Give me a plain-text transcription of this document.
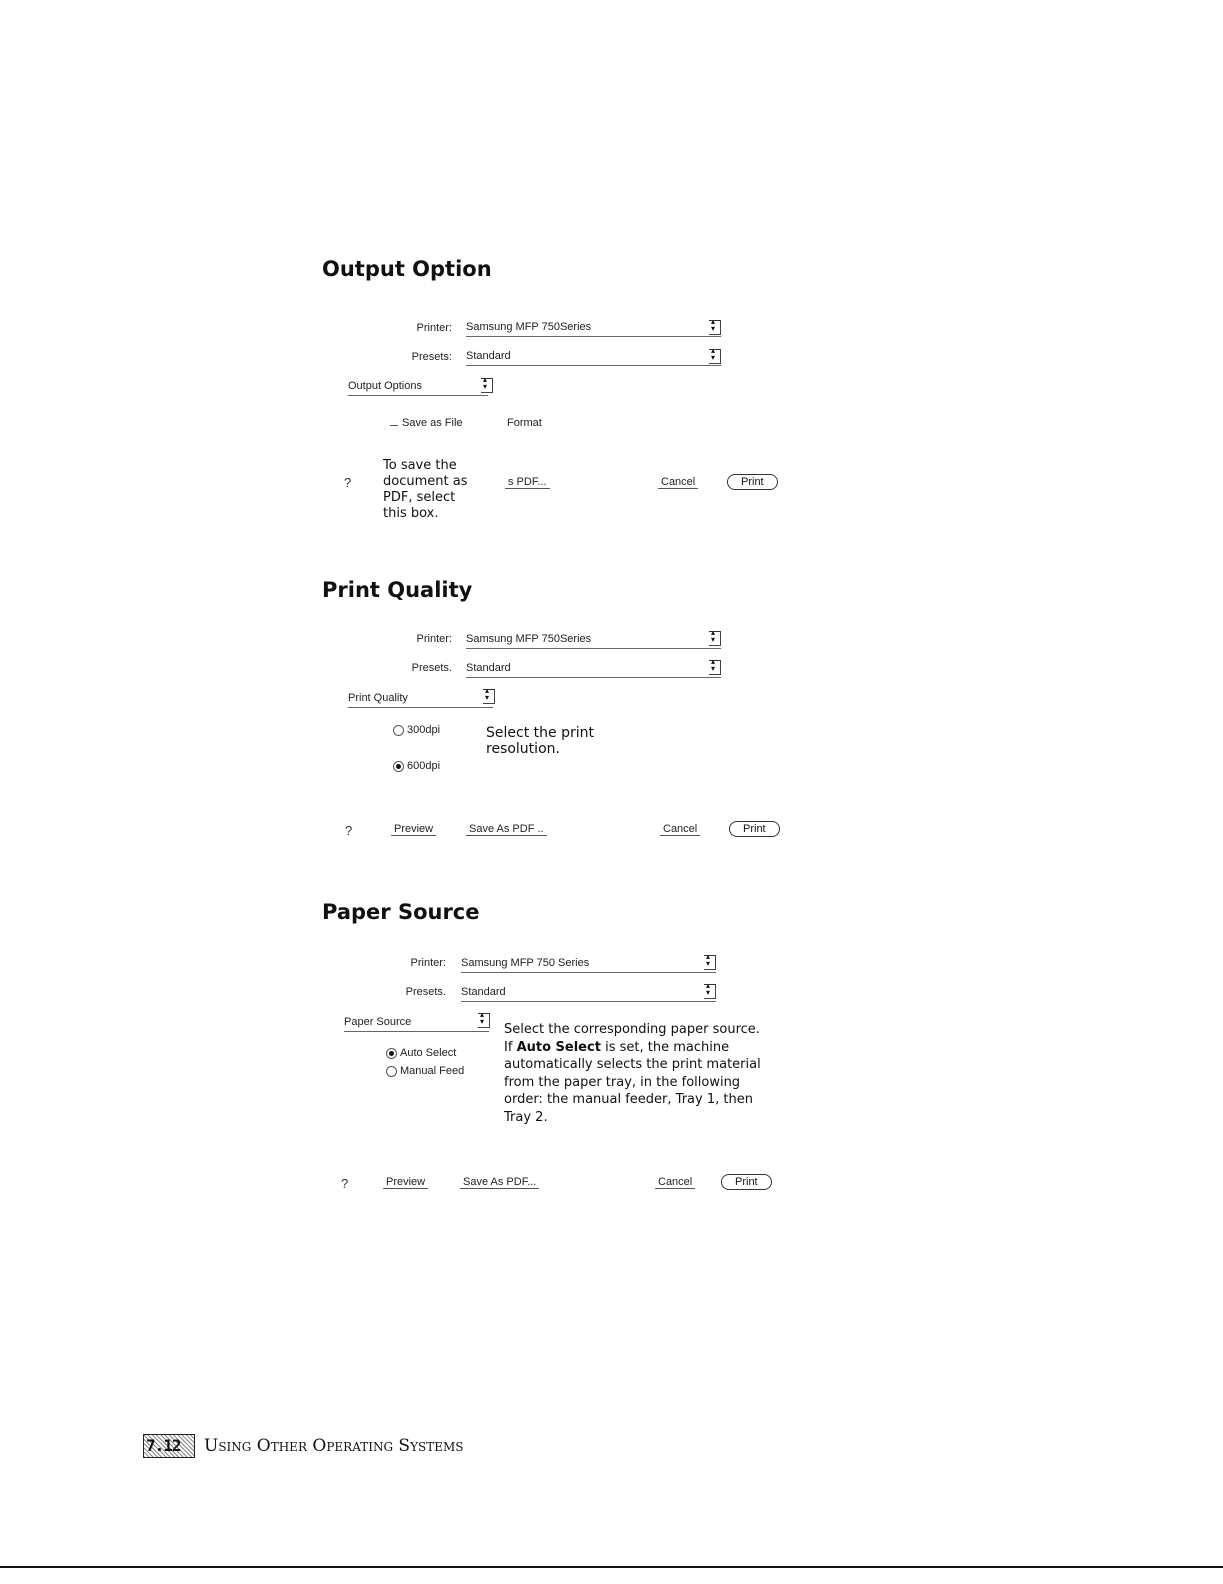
Output Option
Printer: Samsung MFP 750Series
▴ ▾
Presets: Standard
▴ ▾
Output Options
▴ ▾
Save as File	Format
?
To save the document as PDF, select this box.
s PDF...	Cancel	Print
Print Quality
Printer: Samsung MFP 750Series
▴ ▾
Presets. Standard
▴ ▾
Print Quality
▴ ▾
300dpi
600dpi
Select the print resolution.
?	Preview	Save As PDF ..	Cancel	Print
Paper Source
Printer: Samsung MFP 750 Series
▴ ▾
Presets. Standard
▴ ▾
Paper Source
▴ ▾
Auto Select
Manual Feed
Select the corresponding paper source.
If Auto Select is set, the machine automatically selects the print material from the paper tray, in the following order: the manual feeder, Tray 1, then Tray 2.
?	Preview	Save As PDF...	Cancel	Print
7.12 Using Other Operating Systems
